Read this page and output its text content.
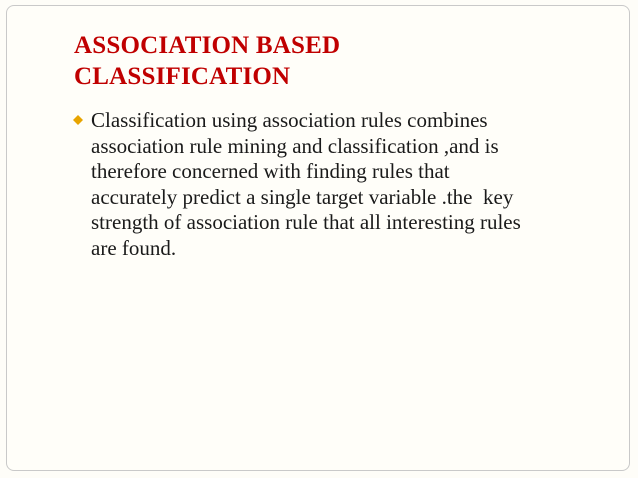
ASSOCIATION BASED
CLASSIFICATION
Classification using association rules combines
association rule mining and classification ,and is
therefore concerned with finding rules that
accurately predict a single target variable .the  key
strength of association rule that all interesting rules
are found.
